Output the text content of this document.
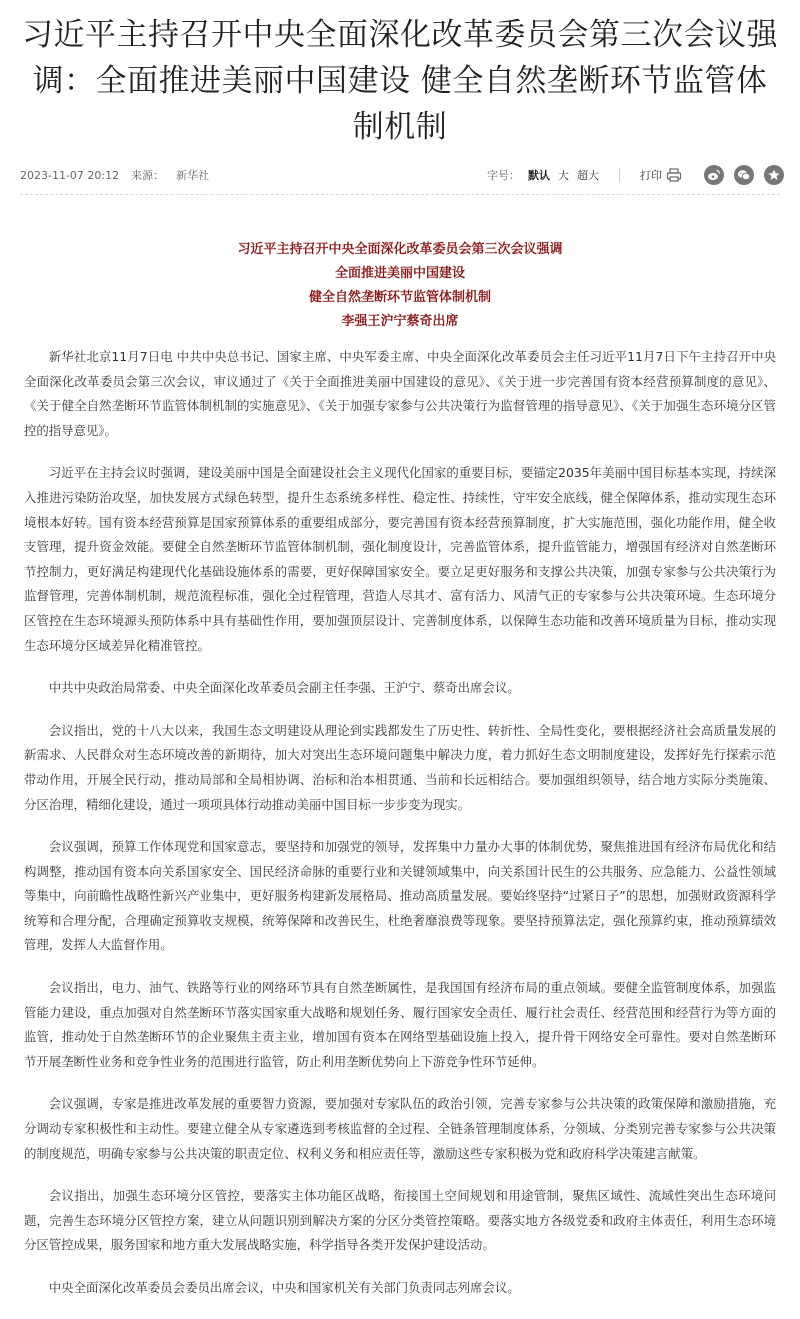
习近平主持召开中央全面深化改革委员会第三次会议强调：全面推进美丽中国建设 健全自然垄断环节监管体制机制
2023-11-07 20:12 来源： 新华社	字号： 默认 大 超大	打印
习近平主持召开中央全面深化改革委员会第三次会议强调
全面推进美丽中国建设
健全自然垄断环节监管体制机制
李强王沪宁蔡奇出席

新华社北京11月7日电 中共中央总书记、国家主席、中央军委主席、中央全面深化改革委员会主任习近平11月7日下午主持召开中央全面深化改革委员会第三次会议，审议通过了《关于全面推进美丽中国建设的意见》、《关于进一步完善国有资本经营预算制度的意见》、《关于健全自然垄断环节监管体制机制的实施意见》、《关于加强专家参与公共决策行为监督管理的指导意见》、《关于加强生态环境分区管控的指导意见》。

习近平在主持会议时强调，建设美丽中国是全面建设社会主义现代化国家的重要目标，要锚定2035年美丽中国目标基本实现，持续深入推进污染防治攻坚，加快发展方式绿色转型，提升生态系统多样性、稳定性、持续性，守牢安全底线，健全保障体系，推动实现生态环境根本好转。国有资本经营预算是国家预算体系的重要组成部分，要完善国有资本经营预算制度，扩大实施范围，强化功能作用，健全收支管理，提升资金效能。要健全自然垄断环节监管体制机制，强化制度设计，完善监管体系，提升监管能力，增强国有经济对自然垄断环节控制力，更好满足构建现代化基础设施体系的需要，更好保障国家安全。要立足更好服务和支撑公共决策，加强专家参与公共决策行为监督管理，完善体制机制，规范流程标准，强化全过程管理，营造人尽其才、富有活力、风清气正的专家参与公共决策环境。生态环境分区管控在生态环境源头预防体系中具有基础性作用，要加强顶层设计、完善制度体系，以保障生态功能和改善环境质量为目标，推动实现生态环境分区域差异化精准管控。

中共中央政治局常委、中央全面深化改革委员会副主任李强、王沪宁、蔡奇出席会议。

会议指出，党的十八大以来，我国生态文明建设从理论到实践都发生了历史性、转折性、全局性变化，要根据经济社会高质量发展的新需求、人民群众对生态环境改善的新期待，加大对突出生态环境问题集中解决力度，着力抓好生态文明制度建设，发挥好先行探索示范带动作用，开展全民行动，推动局部和全局相协调、治标和治本相贯通、当前和长远相结合。要加强组织领导，结合地方实际分类施策、分区治理，精细化建设，通过一项项具体行动推动美丽中国目标一步步变为现实。

会议强调，预算工作体现党和国家意志，要坚持和加强党的领导，发挥集中力量办大事的体制优势，聚焦推进国有经济布局优化和结构调整，推动国有资本向关系国家安全、国民经济命脉的重要行业和关键领域集中，向关系国计民生的公共服务、应急能力、公益性领域等集中，向前瞻性战略性新兴产业集中，更好服务构建新发展格局、推动高质量发展。要始终坚持“过紧日子”的思想，加强财政资源科学统筹和合理分配，合理确定预算收支规模，统筹保障和改善民生，杜绝奢靡浪费等现象。要坚持预算法定，强化预算约束，推动预算绩效管理，发挥人大监督作用。

会议指出，电力、油气、铁路等行业的网络环节具有自然垄断属性，是我国国有经济布局的重点领域。要健全监管制度体系，加强监管能力建设，重点加强对自然垄断环节落实国家重大战略和规划任务、履行国家安全责任、履行社会责任、经营范围和经营行为等方面的监管，推动处于自然垄断环节的企业聚焦主责主业，增加国有资本在网络型基础设施上投入，提升骨干网络安全可靠性。要对自然垄断环节开展垄断性业务和竞争性业务的范围进行监管，防止利用垄断优势向上下游竞争性环节延伸。

会议强调，专家是推进改革发展的重要智力资源，要加强对专家队伍的政治引领，完善专家参与公共决策的政策保障和激励措施，充分调动专家积极性和主动性。要建立健全从专家遴选到考核监督的全过程、全链条管理制度体系，分领域、分类别完善专家参与公共决策的制度规范，明确专家参与公共决策的职责定位、权利义务和相应责任等，激励这些专家积极为党和政府科学决策建言献策。

会议指出，加强生态环境分区管控，要落实主体功能区战略，衔接国土空间规划和用途管制，聚焦区域性、流域性突出生态环境问题，完善生态环境分区管控方案，建立从问题识别到解决方案的分区分类管控策略。要落实地方各级党委和政府主体责任，利用生态环境分区管控成果，服务国家和地方重大发展战略实施，科学指导各类开发保护建设活动。

中央全面深化改革委员会委员出席会议，中央和国家机关有关部门负责同志列席会议。
